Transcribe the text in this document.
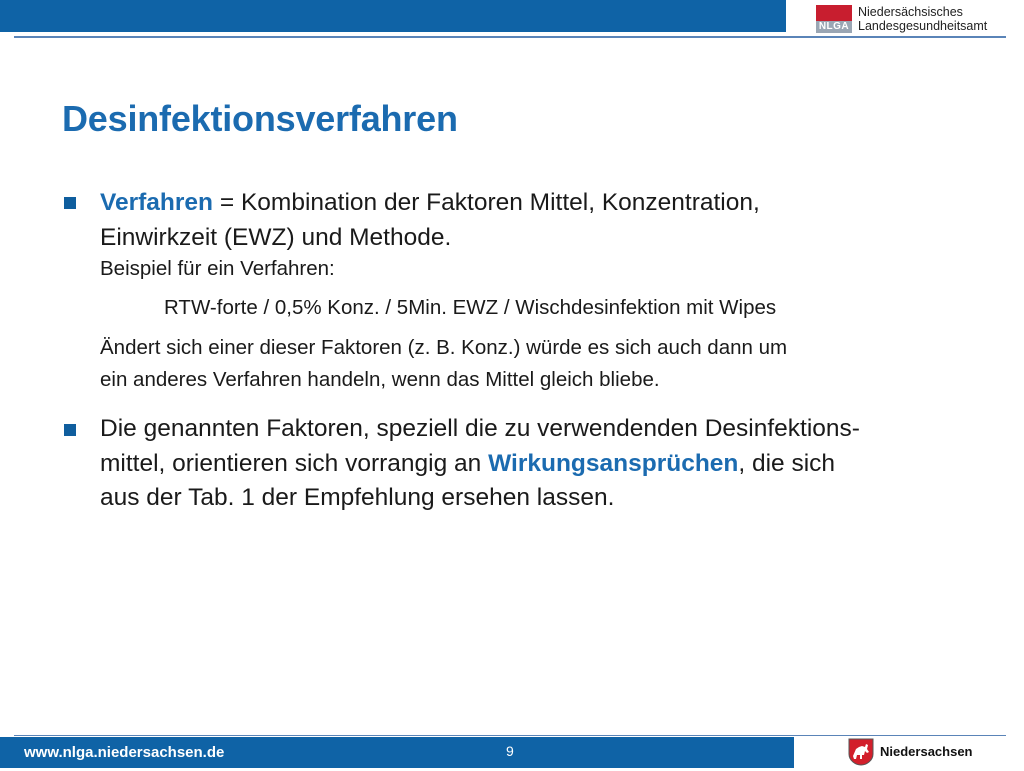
NLGA
Niedersächsisches
Landesgesundheitsamt
Desinfektionsverfahren
Verfahren = Kombination der Faktoren Mittel, Konzentration,
Einwirkzeit (EWZ) und Methode.
Beispiel für ein Verfahren:
RTW-forte / 0,5% Konz. / 5Min. EWZ / Wischdesinfektion mit Wipes
Ändert sich einer dieser Faktoren (z. B. Konz.) würde es sich auch dann um
ein anderes Verfahren handeln, wenn das Mittel gleich bliebe.
Die genannten Faktoren, speziell die zu verwendenden Desinfektions-
mittel, orientieren sich vorrangig an Wirkungsansprüchen, die sich
aus der Tab. 1 der Empfehlung ersehen lassen.
www.nlga.niedersachsen.de	9	Niedersachsen
